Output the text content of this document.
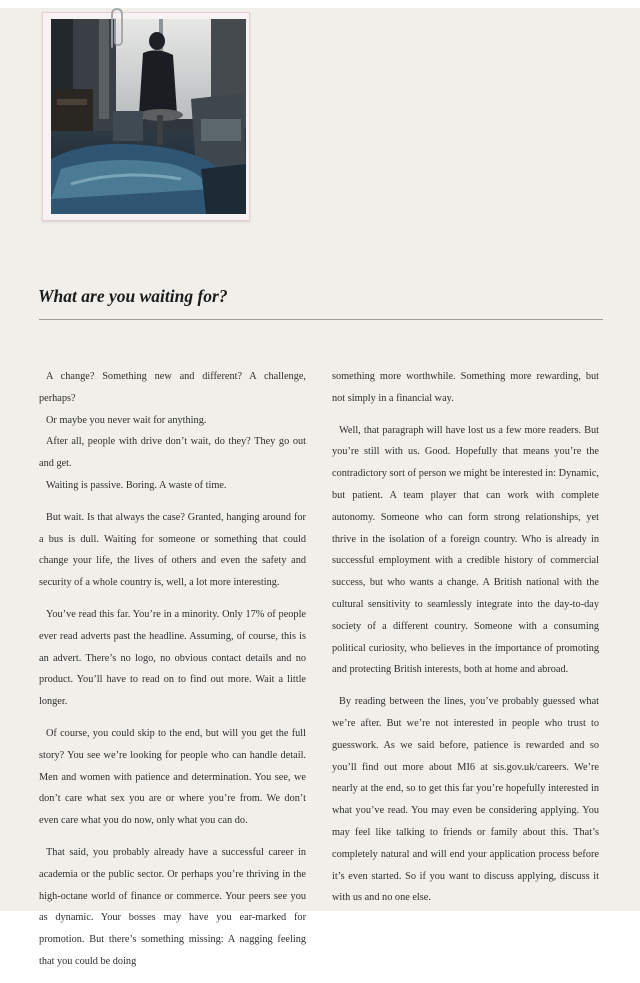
What are you waiting for?

A change? Something new and different? A challenge, perhaps?

Or maybe you never wait for anything.

After all, people with drive don’t wait, do they? They go out and get.

Waiting is passive. Boring. A waste of time.

But wait. Is that always the case? Granted, hanging around for a bus is dull. Waiting for someone or something that could change your life, the lives of others and even the safety and security of a whole country is, well, a lot more interesting.

You’ve read this far. You’re in a minority. Only 17% of people ever read adverts past the headline. Assuming, of course, this is an advert. There’s no logo, no obvious contact details and no product. You’ll have to read on to find out more. Wait a little longer.

Of course, you could skip to the end, but will you get the full story? You see we’re looking for people who can handle detail. Men and women with patience and determination. You see, we don’t care what sex you are or where you’re from. We don’t even care what you do now, only what you can do.

That said, you probably already have a successful career in academia or the public sector. Or perhaps you’re thriving in the high-octane world of finance or commerce. Your peers see you as dynamic. Your bosses may have you ear-marked for promotion. But there’s something missing: A nagging feeling that you could be doing

something more worthwhile. Something more rewarding, but not simply in a financial way.

Well, that paragraph will have lost us a few more readers. But you’re still with us. Good. Hopefully that means you’re the contradictory sort of person we might be interested in: Dynamic, but patient. A team player that can work with complete autonomy. Someone who can form strong relationships, yet thrive in the isolation of a foreign country. Who is already in successful employment with a credible history of commercial success, but who wants a change. A British national with the cultural sensitivity to seamlessly integrate into the day-to-day society of a different country. Someone with a consuming political curiosity, who believes in the importance of promoting and protecting British interests, both at home and abroad.

By reading between the lines, you’ve probably guessed what we’re after. But we’re not interested in people who trust to guesswork. As we said before, patience is rewarded and so you’ll find out more about MI6 at sis.gov.uk/careers. We’re nearly at the end, so to get this far you’re hopefully interested in what you’ve read. You may even be considering applying. You may feel like talking to friends or family about this. That’s completely natural and will end your application process before it’s even started. So if you want to discuss applying, discuss it with us and no one else.
